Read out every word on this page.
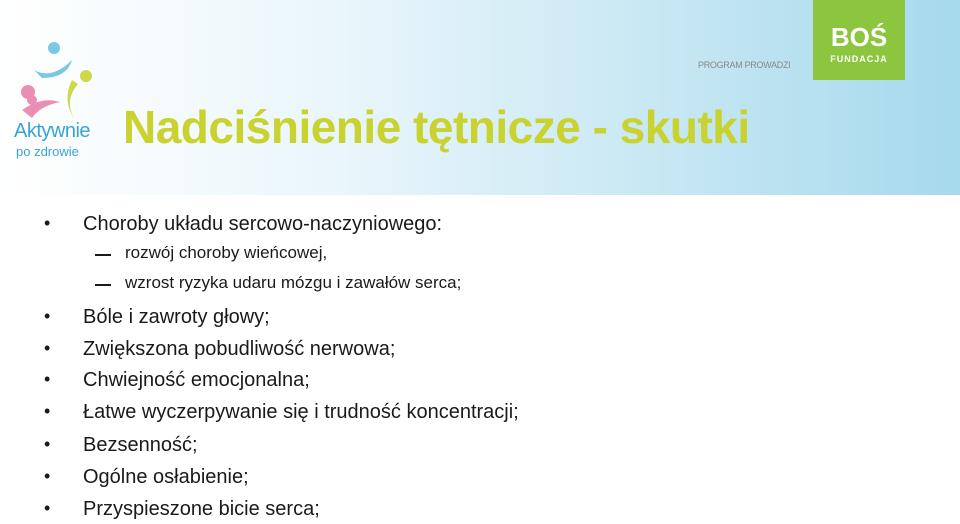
Aktywnie
po zdrowie Nadciśnienie tętnicze - skutki
PROGRAM PROWADZI
BOŚ
FUNDACJA
• Choroby układu sercowo-naczyniowego:
rozwój choroby wieńcowej,
wzrost ryzyka udaru mózgu i zawałów serca;
• Bóle i zawroty głowy;
• Zwiększona pobudliwość nerwowa;
• Chwiejność emocjonalna;
• Łatwe wyczerpywanie się i trudność koncentracji;
• Bezsenność;
• Ogólne osłabienie;
• Przyspieszone bicie serca;
